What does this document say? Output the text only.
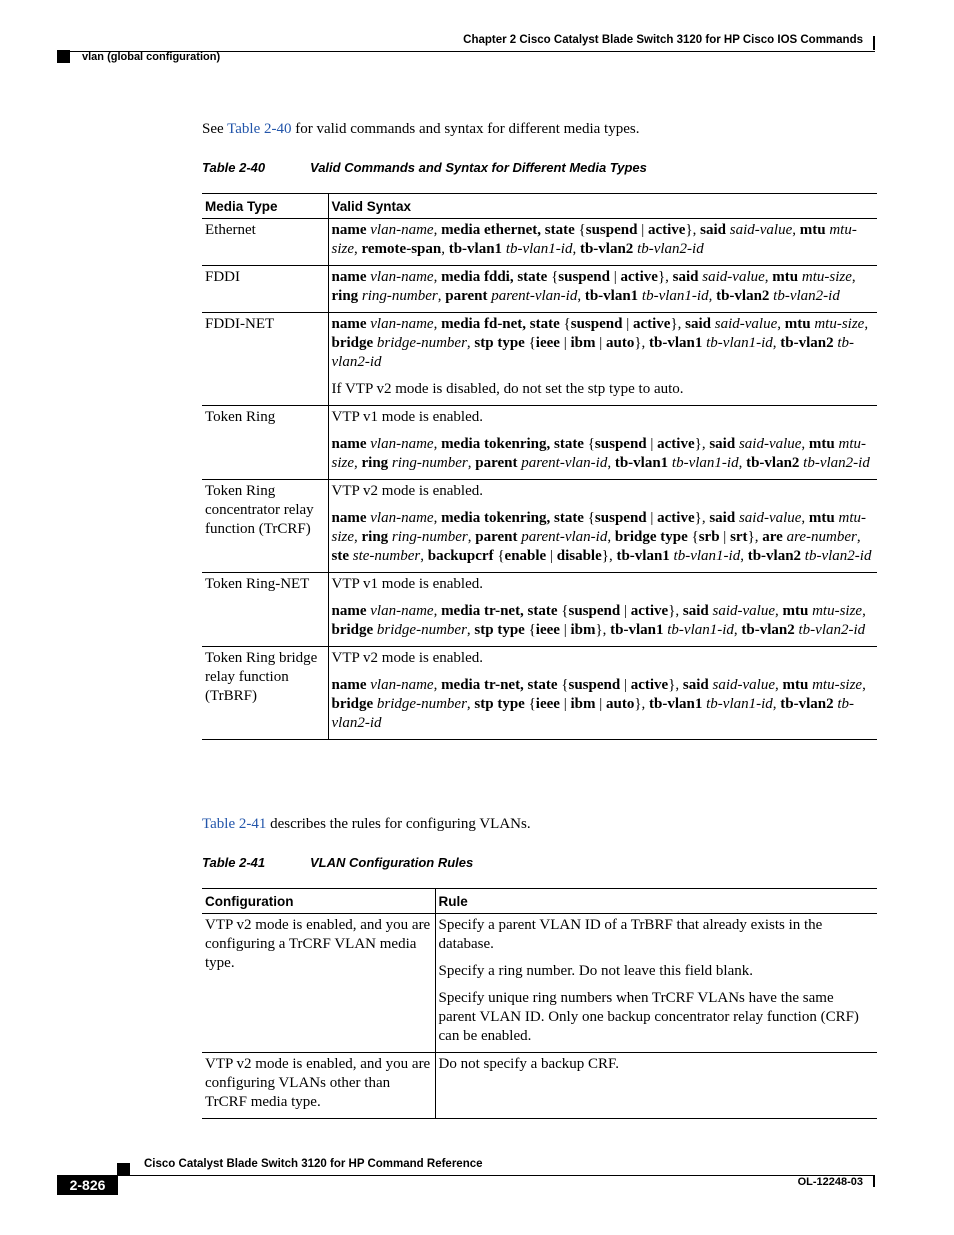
Chapter 2 Cisco Catalyst Blade Switch 3120 for HP Cisco IOS Commands
vlan (global configuration)
See Table 2-40 for valid commands and syntax for different media types.
Table 2-40	Valid Commands and Syntax for Different Media Types
Media Type	Valid Syntax
Ethernet	name vlan-name, media ethernet, state {suspend | active}, said said-value, mtu mtu-size, remote-span, tb-vlan1 tb-vlan1-id, tb-vlan2 tb-vlan2-id
FDDI	name vlan-name, media fddi, state {suspend | active}, said said-value, mtu mtu-size, ring ring-number, parent parent-vlan-id, tb-vlan1 tb-vlan1-id, tb-vlan2 tb-vlan2-id
FDDI-NET	name vlan-name, media fd-net, state {suspend | active}, said said-value, mtu mtu-size, bridge bridge-number, stp type {ieee | ibm | auto}, tb-vlan1 tb-vlan1-id, tb-vlan2 tb-vlan2-id
If VTP v2 mode is disabled, do not set the stp type to auto.

Token Ring	VTP v1 mode is enabled.
name vlan-name, media tokenring, state {suspend | active}, said said-value, mtu mtu-size, ring ring-number, parent parent-vlan-id, tb-vlan1 tb-vlan1-id, tb-vlan2 tb-vlan2-id

Token Ring concentrator relay function (TrCRF)	VTP v2 mode is enabled.
name vlan-name, media tokenring, state {suspend | active}, said said-value, mtu mtu-size, ring ring-number, parent parent-vlan-id, bridge type {srb | srt}, are are-number, ste ste-number, backupcrf {enable | disable}, tb-vlan1 tb-vlan1-id, tb-vlan2 tb-vlan2-id

Token Ring-NET	VTP v1 mode is enabled.
name vlan-name, media tr-net, state {suspend | active}, said said-value, mtu mtu-size, bridge bridge-number, stp type {ieee | ibm}, tb-vlan1 tb-vlan1-id, tb-vlan2 tb-vlan2-id

Token Ring bridge relay function (TrBRF)	VTP v2 mode is enabled.
name vlan-name, media tr-net, state {suspend | active}, said said-value, mtu mtu-size, bridge bridge-number, stp type {ieee | ibm | auto}, tb-vlan1 tb-vlan1-id, tb-vlan2 tb-vlan2-id
Table 2-41 describes the rules for configuring VLANs.
Table 2-41	VLAN Configuration Rules
Configuration	Rule
VTP v2 mode is enabled, and you are configuring a TrCRF VLAN media type.	Specify a parent VLAN ID of a TrBRF that already exists in the database.
Specify a ring number. Do not leave this field blank.
Specify unique ring numbers when TrCRF VLANs have the same parent VLAN ID. Only one backup concentrator relay function (CRF) can be enabled.

VTP v2 mode is enabled, and you are configuring VLANs other than TrCRF media type.	Do not specify a backup CRF.
Cisco Catalyst Blade Switch 3120 for HP Command Reference
2-826	OL-12248-03
